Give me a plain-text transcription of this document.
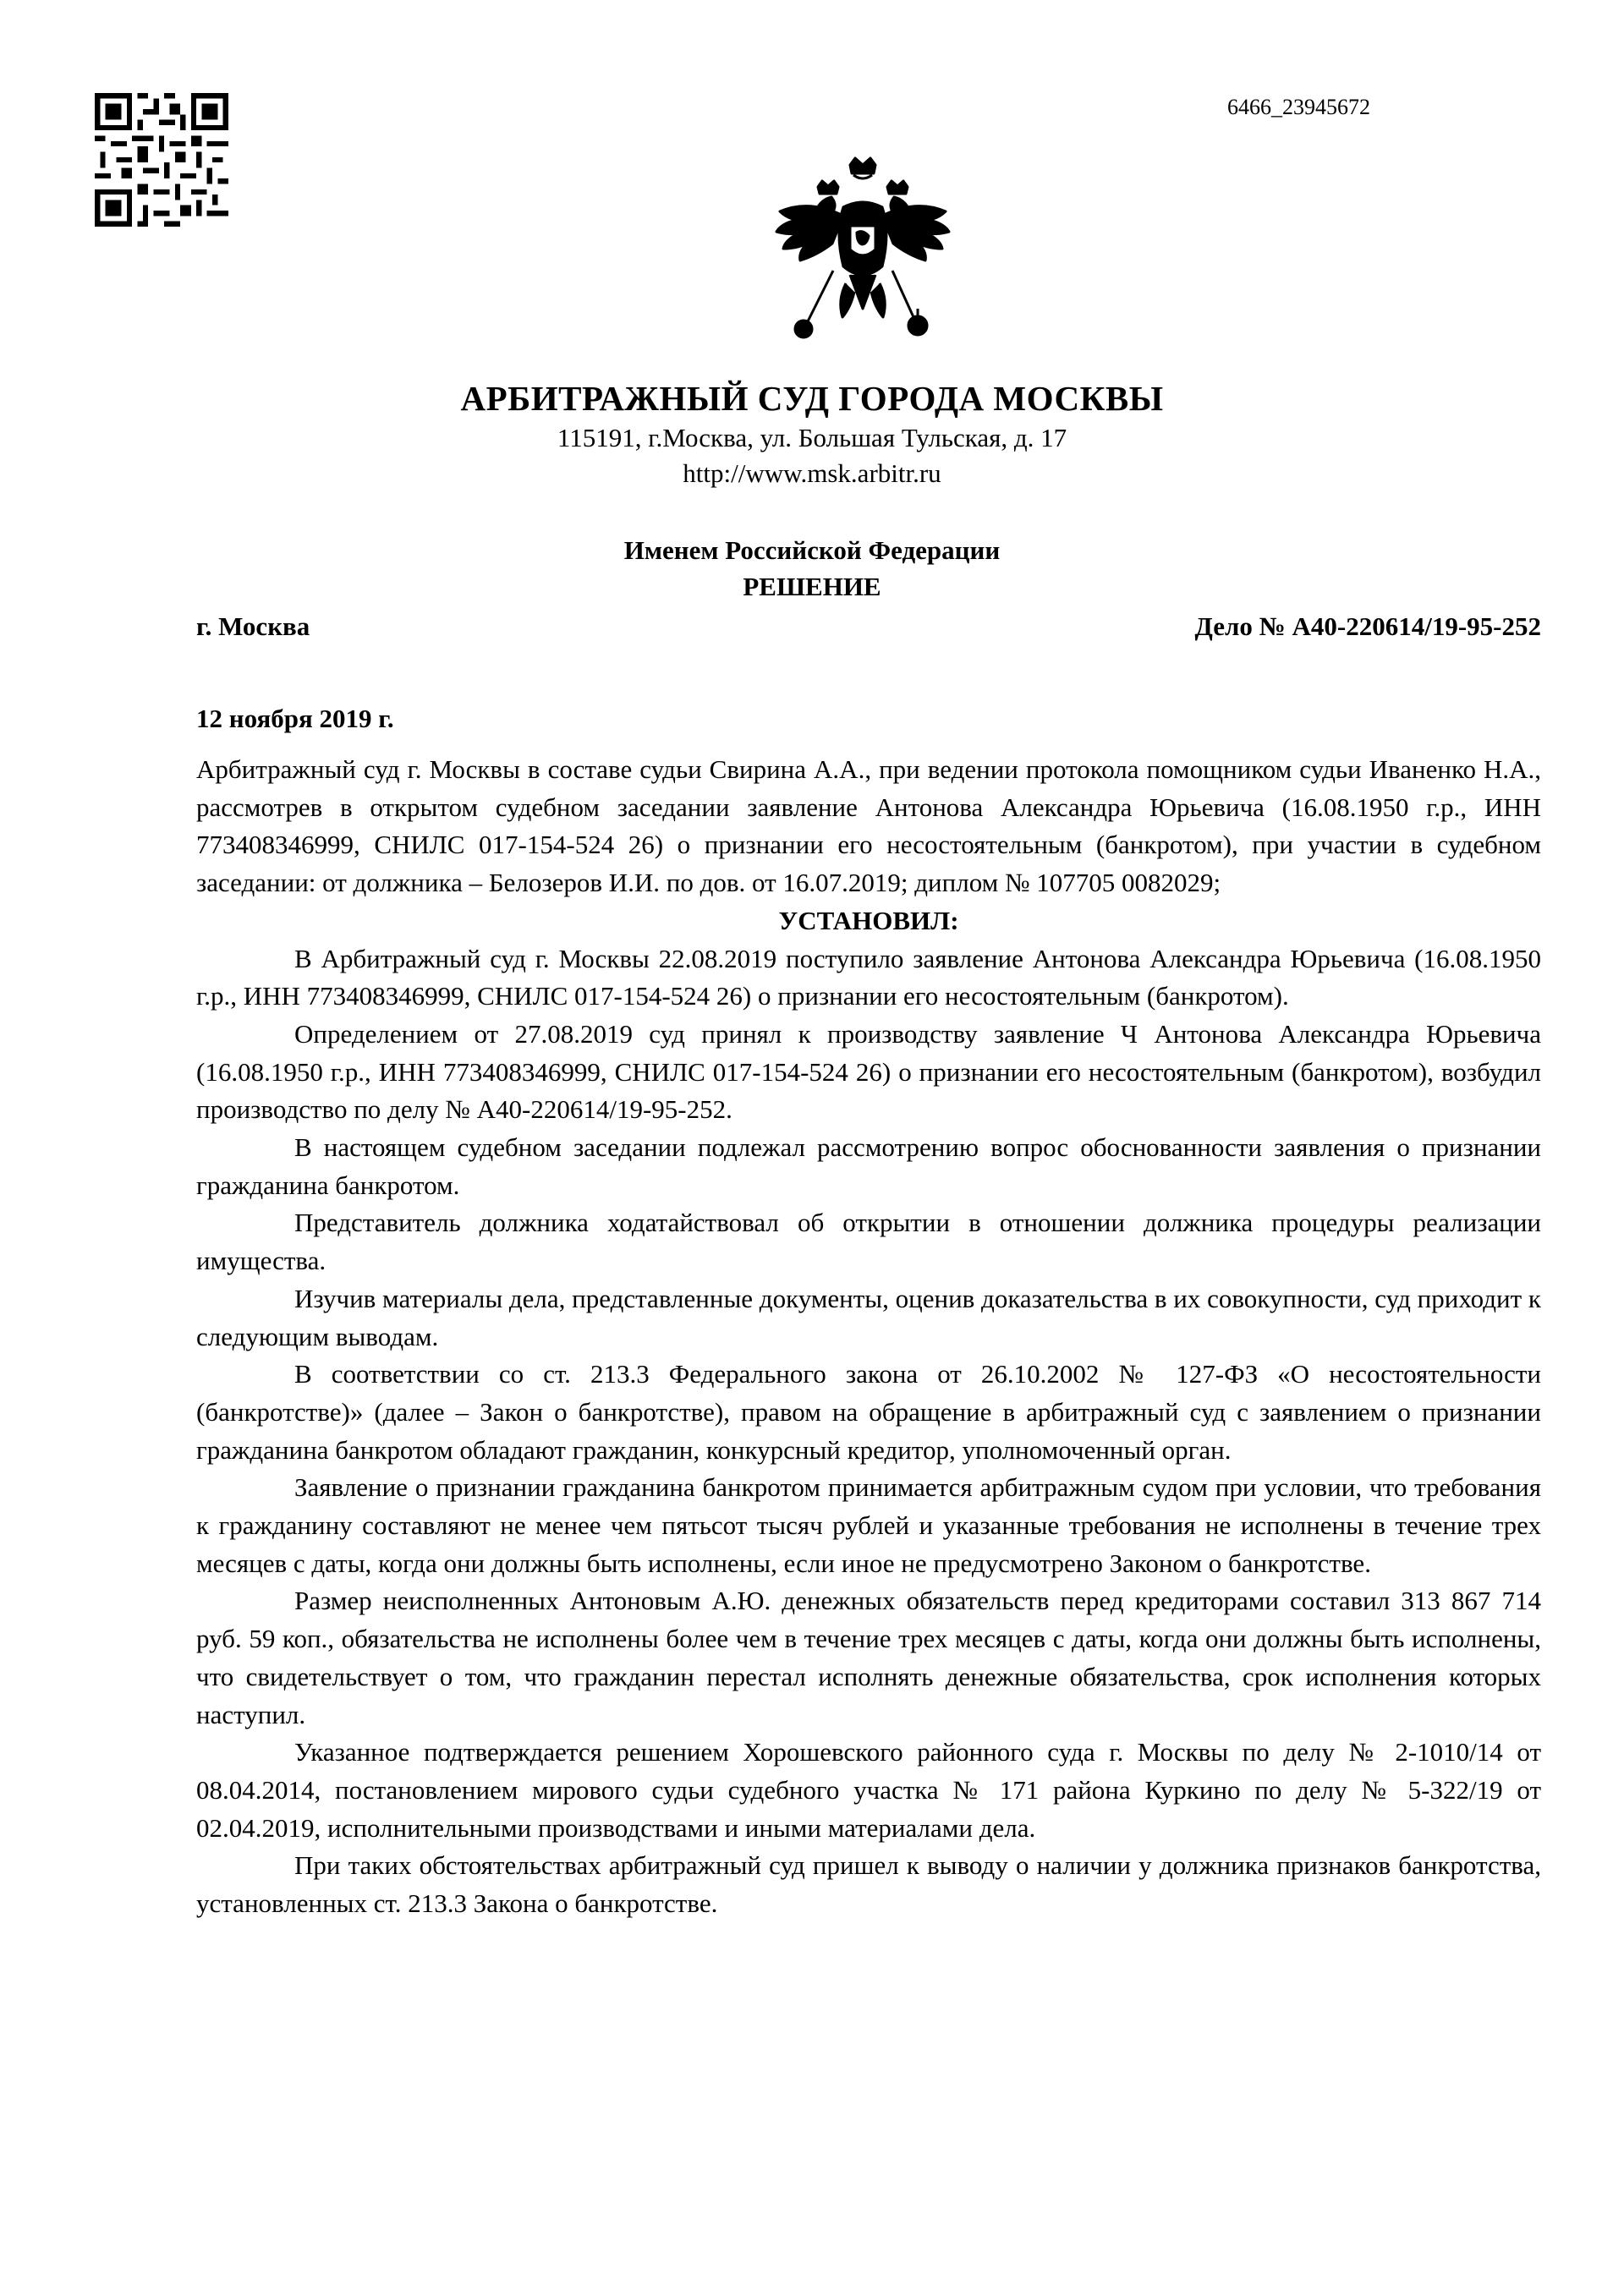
6466_23945672
АРБИТРАЖНЫЙ СУД ГОРОДА МОСКВЫ
115191, г.Москва, ул. Большая Тульская, д. 17
http://www.msk.arbitr.ru
Именем Российской Федерации
РЕШЕНИЕ
г. Москва	Дело № А40-220614/19-95-252
12 ноября 2019 г.

Арбитражный суд г. Москвы в составе судьи Свирина А.А., при ведении протокола помощником судьи Иваненко Н.А., рассмотрев в открытом судебном заседании заявление Антонова Александра Юрьевича (16.08.1950 г.р., ИНН 773408346999, СНИЛС 017-154-524 26) о признании его несостоятельным (банкротом), при участии в судебном заседании: от должника – Белозеров И.И. по дов. от 16.07.2019; диплом № 107705 0082029;

УСТАНОВИЛ:

В Арбитражный суд г. Москвы 22.08.2019 поступило заявление Антонова Александра Юрьевича (16.08.1950 г.р., ИНН 773408346999, СНИЛС 017-154-524 26) о признании его несостоятельным (банкротом).

Определением от 27.08.2019 суд принял к производству заявление Ч Антонова Александра Юрьевича (16.08.1950 г.р., ИНН 773408346999, СНИЛС 017-154-524 26) о признании его несостоятельным (банкротом), возбудил производство по делу № А40-220614/19-95-252.

В настоящем судебном заседании подлежал рассмотрению вопрос обоснованности заявления о признании гражданина банкротом.

Представитель должника ходатайствовал об открытии в отношении должника процедуры реализации имущества.

Изучив материалы дела, представленные документы, оценив доказательства в их совокупности, суд приходит к следующим выводам.

В соответствии со ст. 213.3 Федерального закона от 26.10.2002 № 127-ФЗ «О несостоятельности (банкротстве)» (далее – Закон о банкротстве), правом на обращение в арбитражный суд с заявлением о признании гражданина банкротом обладают гражданин, конкурсный кредитор, уполномоченный орган.

Заявление о признании гражданина банкротом принимается арбитражным судом при условии, что требования к гражданину составляют не менее чем пятьсот тысяч рублей и указанные требования не исполнены в течение трех месяцев с даты, когда они должны быть исполнены, если иное не предусмотрено Законом о банкротстве.

Размер неисполненных Антоновым А.Ю. денежных обязательств перед кредиторами составил 313 867 714 руб. 59 коп., обязательства не исполнены более чем в течение трех месяцев с даты, когда они должны быть исполнены, что свидетельствует о том, что гражданин перестал исполнять денежные обязательства, срок исполнения которых наступил.

Указанное подтверждается решением Хорошевского районного суда г. Москвы по делу № 2-1010/14 от 08.04.2014, постановлением мирового судьи судебного участка № 171 района Куркино по делу № 5-322/19 от 02.04.2019, исполнительными производствами и иными материалами дела.

При таких обстоятельствах арбитражный суд пришел к выводу о наличии у должника признаков банкротства, установленных ст. 213.3 Закона о банкротстве.
